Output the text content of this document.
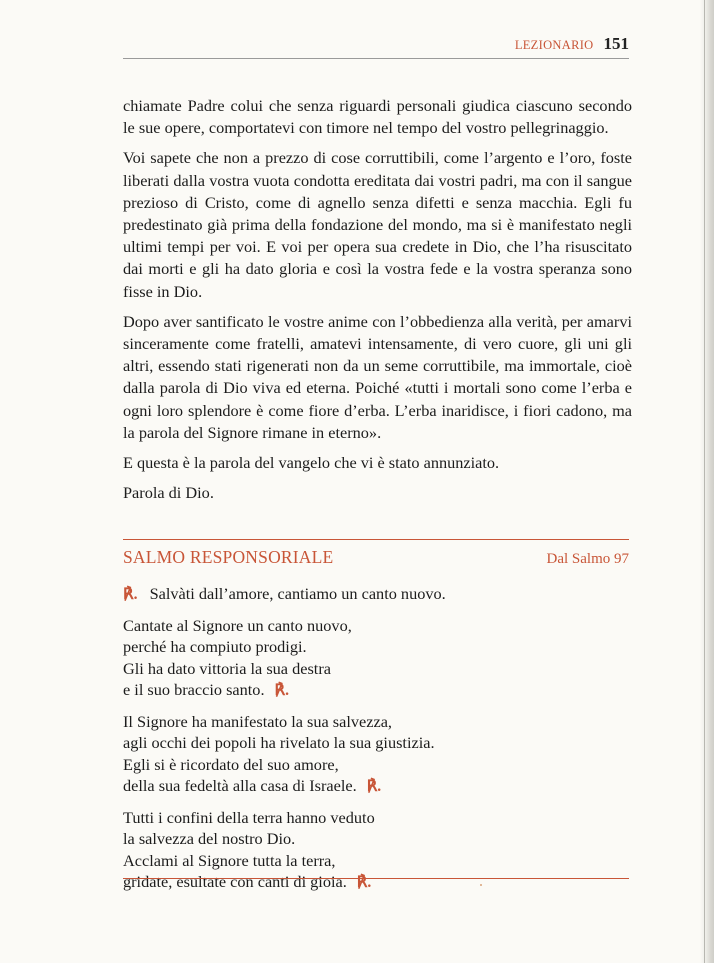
LEZIONARIO 151

chiamate Padre colui che senza riguardi personali giudica ciascuno secondo le sue opere, comportatevi con timore nel tempo del vostro pellegrinaggio.

Voi sapete che non a prezzo di cose corruttibili, come l’argento e l’oro, foste liberati dalla vostra vuota condotta ereditata dai vostri padri, ma con il sangue prezioso di Cristo, come di agnello senza difetti e senza macchia. Egli fu predestinato già prima della fondazione del mondo, ma si è manifestato negli ultimi tempi per voi. E voi per opera sua credete in Dio, che l’ha risuscitato dai morti e gli ha dato gloria e così la vostra fede e la vostra speranza sono fisse in Dio.

Dopo aver santificato le vostre anime con l’obbedienza alla verità, per amarvi sinceramente come fratelli, amatevi intensamente, di vero cuore, gli uni gli altri, essendo stati rigenerati non da un seme corruttibile, ma immortale, cioè dalla parola di Dio viva ed eterna. Poiché «tutti i mortali sono come l’erba e ogni loro splendore è come fiore d’erba. L’erba inaridisce, i fiori cadono, ma la parola del Signore rimane in eterno».

E questa è la parola del vangelo che vi è stato annunziato.

Parola di Dio.

SALMO RESPONSORIALE	Dal Salmo 97
℟. Salvàti dall’amore, cantiamo un canto nuovo.
Cantate al Signore un canto nuovo,
perché ha compiuto prodigi.
Gli ha dato vittoria la sua destra
e il suo braccio santo. ℟.
Il Signore ha manifestato la sua salvezza,
agli occhi dei popoli ha rivelato la sua giustizia.
Egli si è ricordato del suo amore,
della sua fedeltà alla casa di Israele. ℟.
Tutti i confini della terra hanno veduto
la salvezza del nostro Dio.
Acclami al Signore tutta la terra,
gridate, esultate con canti di gioia. ℟.
